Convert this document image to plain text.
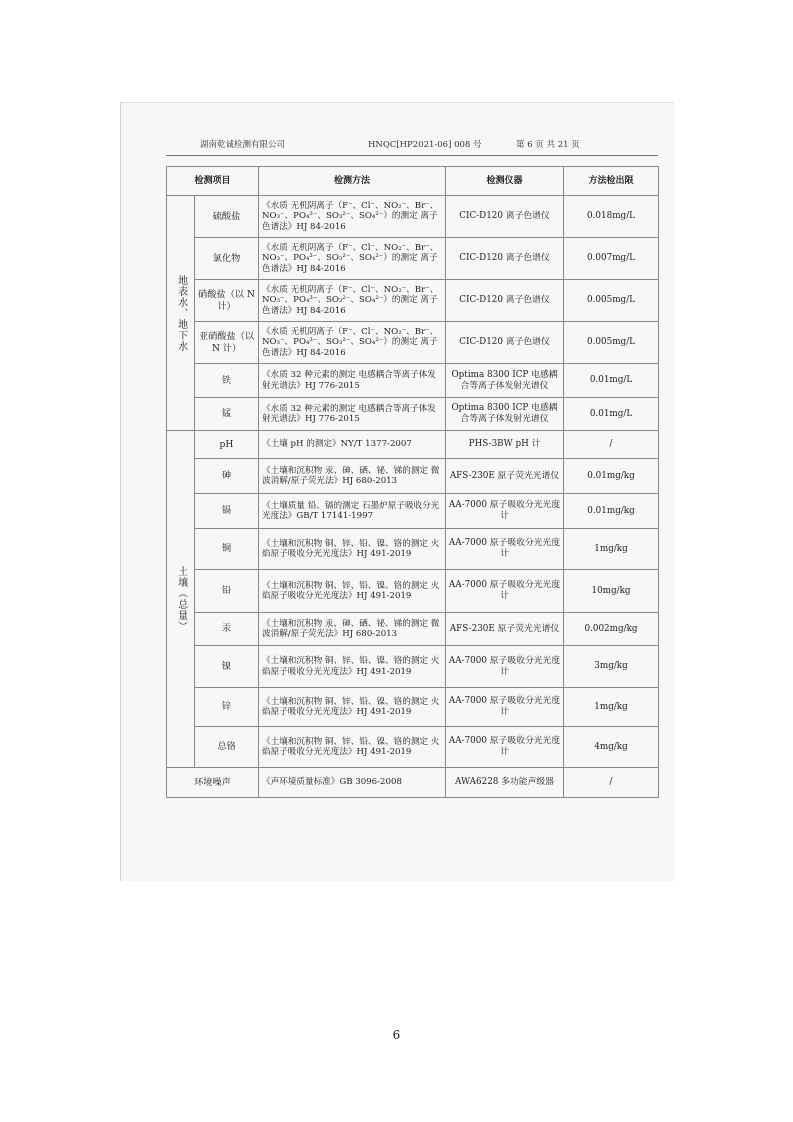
湖南乾诚检测有限公司	HNQC[HP2021-06] 008 号	第 6 页 共 21 页
检测项目		检测方法	检测仪器	方法检出限
地表水、地下水	硫酸盐	《水质 无机阴离子（F⁻、Cl⁻、NO₂⁻、Br⁻、NO₃⁻、PO₄³⁻、SO₃²⁻、SO₄²⁻）的测定 离子色谱法》HJ 84-2016	CIC-D120 离子色谱仪	0.018mg/L
	氯化物	《水质 无机阴离子（F⁻、Cl⁻、NO₂⁻、Br⁻、NO₃⁻、PO₄³⁻、SO₃²⁻、SO₄²⁻）的测定 离子色谱法》HJ 84-2016	CIC-D120 离子色谱仪	0.007mg/L
	硝酸盐（以 N 计）	《水质 无机阴离子（F⁻、Cl⁻、NO₂⁻、Br⁻、NO₃⁻、PO₄³⁻、SO₃²⁻、SO₄²⁻）的测定 离子色谱法》HJ 84-2016	CIC-D120 离子色谱仪	0.005mg/L
	亚硝酸盐（以 N 计）	《水质 无机阴离子（F⁻、Cl⁻、NO₂⁻、Br⁻、NO₃⁻、PO₄³⁻、SO₃²⁻、SO₄²⁻）的测定 离子色谱法》HJ 84-2016	CIC-D120 离子色谱仪	0.005mg/L
	铁	《水质 32 种元素的测定 电感耦合等离子体发射光谱法》HJ 776-2015	Optima 8300 ICP 电感耦合等离子体发射光谱仪	0.01mg/L
	锰	《水质 32 种元素的测定 电感耦合等离子体发射光谱法》HJ 776-2015	Optima 8300 ICP 电感耦合等离子体发射光谱仪	0.01mg/L
土壤（总量）	pH	《土壤 pH 的测定》NY/T 1377-2007	PHS-3BW pH 计	/
	砷	《土壤和沉积物 汞、砷、硒、铋、锑的测定 微波消解/原子荧光法》HJ 680-2013	AFS-230E 原子荧光光谱仪	0.01mg/kg
	镉	《土壤质量 铅、镉的测定 石墨炉原子吸收分光光度法》GB/T 17141-1997	AA-7000 原子吸收分光光度计	0.01mg/kg
	铜	《土壤和沉积物 铜、锌、铅、镍、铬的测定 火焰原子吸收分光光度法》HJ 491-2019	AA-7000 原子吸收分光光度计	1mg/kg
	铅	《土壤和沉积物 铜、锌、铅、镍、铬的测定 火焰原子吸收分光光度法》HJ 491-2019	AA-7000 原子吸收分光光度计	10mg/kg
	汞	《土壤和沉积物 汞、砷、硒、铋、锑的测定 微波消解/原子荧光法》HJ 680-2013	AFS-230E 原子荧光光谱仪	0.002mg/kg
	镍	《土壤和沉积物 铜、锌、铅、镍、铬的测定 火焰原子吸收分光光度法》HJ 491-2019	AA-7000 原子吸收分光光度计	3mg/kg
	锌	《土壤和沉积物 铜、锌、铅、镍、铬的测定 火焰原子吸收分光光度法》HJ 491-2019	AA-7000 原子吸收分光光度计	1mg/kg
	总铬	《土壤和沉积物 铜、锌、铅、镍、铬的测定 火焰原子吸收分光光度法》HJ 491-2019	AA-7000 原子吸收分光光度计	4mg/kg
环境噪声		《声环境质量标准》GB 3096-2008	AWA6228 多功能声级器	/
6
